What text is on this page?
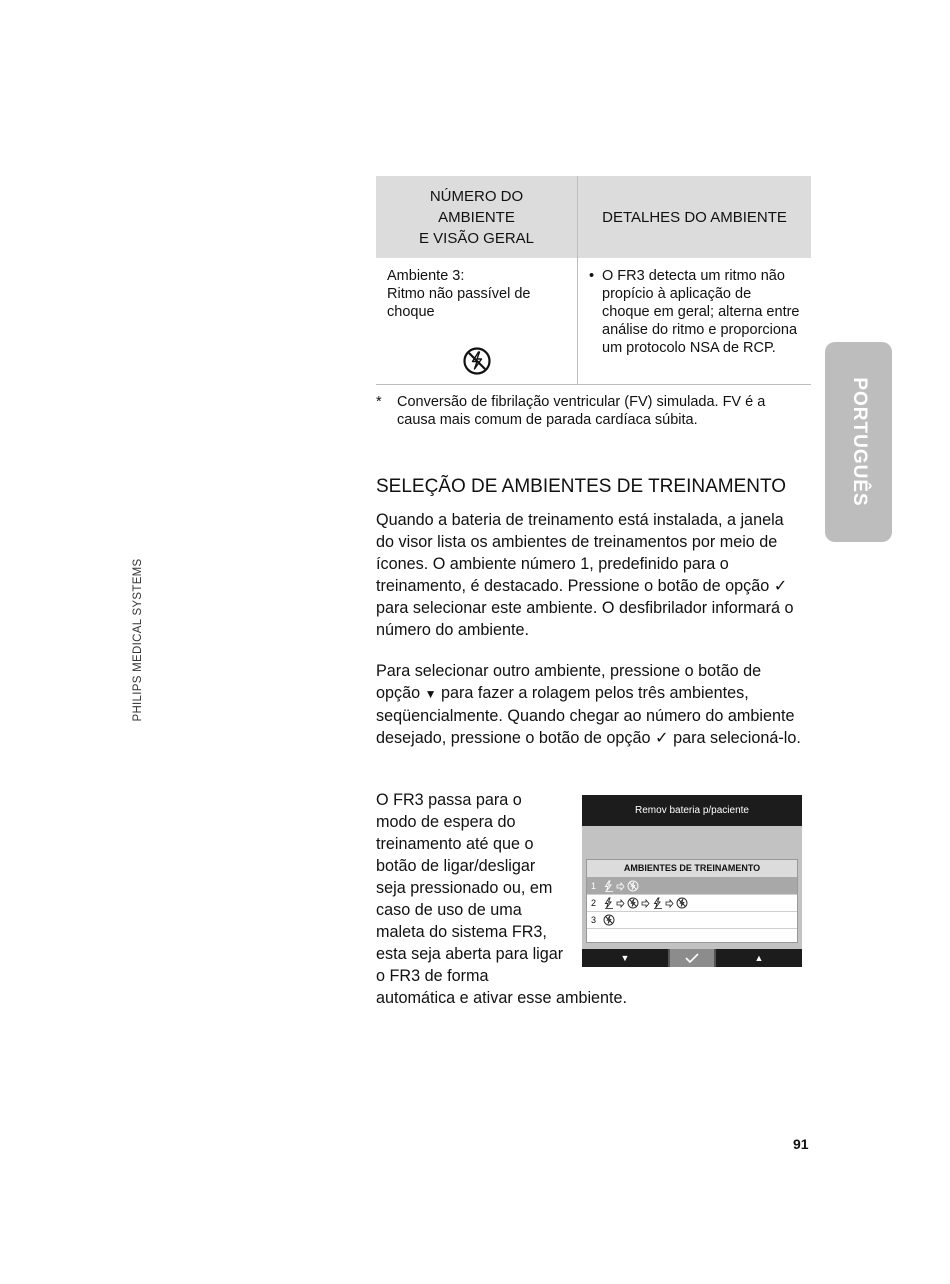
PHILIPS MEDICAL SYSTEMS
PORTUGUÊS
NÚMERO DO
AMBIENTE
E VISÃO GERAL	DETALHES DO AMBIENTE

Ambiente 3:
Ritmo não passível de
choque	• O FR3 detecta um ritmo não propício à aplicação de choque em geral; alterna entre análise do ritmo e proporciona um protocolo NSA de RCP.
*	Conversão de fibrilação ventricular (FV) simulada. FV é a causa mais comum de parada cardíaca súbita.
SELEÇÃO DE AMBIENTES DE TREINAMENTO

Quando a bateria de treinamento está instalada, a janela do visor lista os ambientes de treinamentos por meio de ícones. O ambiente número 1, predefinido para o treinamento, é destacado. Pressione o botão de opção ✓ para selecionar este ambiente. O desfibrilador informará o número do ambiente.

Para selecionar outro ambiente, pressione o botão de opção ▼ para fazer a rolagem pelos três ambientes, seqüencialmente. Quando chegar ao número do ambiente desejado, pressione o botão de opção ✓ para selecioná-lo.

O FR3 passa para o modo de espera do treinamento até que o botão de ligar/desligar seja pressionado ou, em caso de uso de uma maleta do sistema FR3, esta seja aberta para ligar o FR3 de forma automática e ativar esse ambiente.

Remov bateria p/paciente
AMBIENTES DE TREINAMENTO
1
2
3
▼	▲
91
